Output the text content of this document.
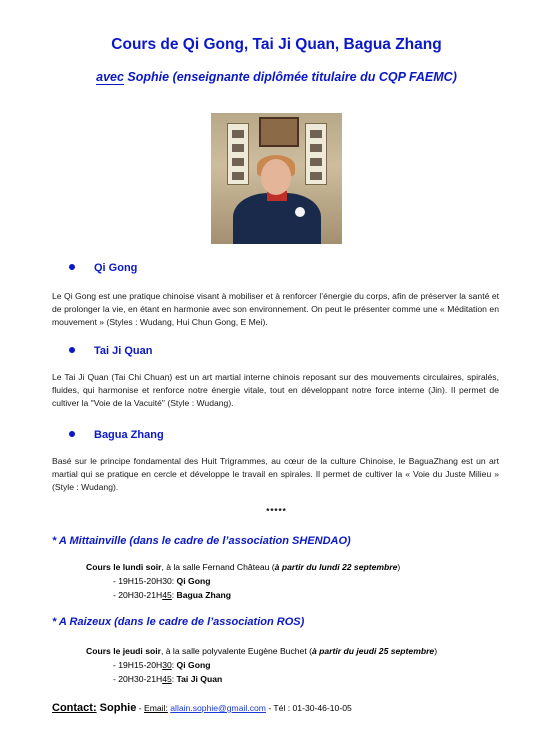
Cours de Qi Gong, Tai Ji Quan, Bagua Zhang
avec Sophie (enseignante diplômée titulaire du CQP FAEMC)
Qi Gong
Le Qi Gong est une pratique chinoise visant à mobiliser et à renforcer l’énergie du corps, afin de préserver la santé et de prolonger la vie, en étant en harmonie avec son environnement. On peut le présenter comme une « Méditation en mouvement » (Styles : Wudang, Hui Chun Gong, E Mei).
Tai Ji Quan
Le Tai Ji Quan (Tai Chi Chuan) est un art martial interne chinois reposant sur des mouvements circulaires, spiralés, fluides, qui harmonise et renforce notre énergie vitale, tout en développant notre force interne (Jin). Il permet de cultiver la "Voie de la Vacuité" (Style : Wudang).
Bagua Zhang
Basé sur le principe fondamental des Huit Trigrammes, au cœur de la culture Chinoise, le BaguaZhang est un art martial qui se pratique en cercle et développe le travail en spirales. Il permet de cultiver la « Voie du Juste Milieu » (Style : Wudang).
*****
* A Mittainville (dans le cadre de l’association SHENDAO)
Cours le lundi soir, à la salle Fernand Château (à partir du lundi 22 septembre)
- 19H15-20H30: Qi Gong
- 20H30-21H45: Bagua Zhang
* A Raizeux (dans le cadre de l’association ROS)
Cours le jeudi soir, à la salle polyvalente Eugène Buchet (à partir du jeudi 25 septembre)
- 19H15-20H30: Qi Gong
- 20H30-21H45: Tai Ji Quan
Contact: Sophie - Email: allain.sophie@gmail.com - Tél : 01-30-46-10-05
